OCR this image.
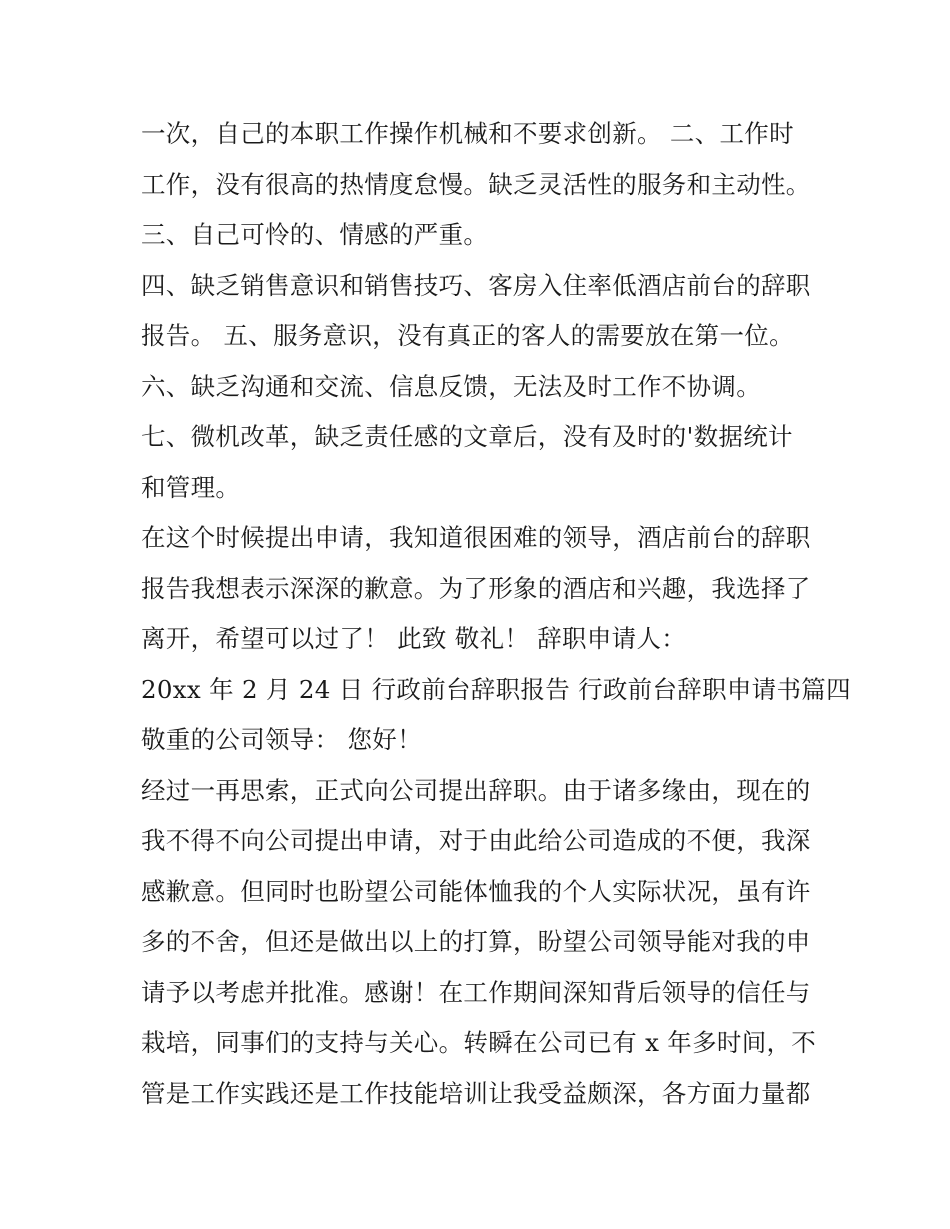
一次，自己的本职工作操作机械和不要求创新。 二、工作时
工作，没有很高的热情度怠慢。缺乏灵活性的服务和主动性。
三、自己可怜的、情感的严重。
四、缺乏销售意识和销售技巧、客房入住率低酒店前台的辞职
报告。 五、服务意识，没有真正的客人的需要放在第一位。
六、缺乏沟通和交流、信息反馈，无法及时工作不协调。
七、微机改革，缺乏责任感的文章后，没有及时的'数据统计
和管理。
在这个时候提出申请，我知道很困难的领导，酒店前台的辞职
报告我想表示深深的歉意。为了形象的酒店和兴趣，我选择了
离开，希望可以过了！ 此致 敬礼！ 辞职申请人：
20xx 年 2 月 24 日 行政前台辞职报告 行政前台辞职申请书篇四
敬重的公司领导： 您好！
经过一再思索，正式向公司提出辞职。由于诸多缘由，现在的
我不得不向公司提出申请，对于由此给公司造成的不便，我深
感歉意。但同时也盼望公司能体恤我的个人实际状况，虽有许
多的不舍，但还是做出以上的打算，盼望公司领导能对我的申
请予以考虑并批准。感谢！在工作期间深知背后领导的信任与
栽培，同事们的支持与关心。转瞬在公司已有 x 年多时间，不
管是工作实践还是工作技能培训让我受益颇深，各方面力量都
